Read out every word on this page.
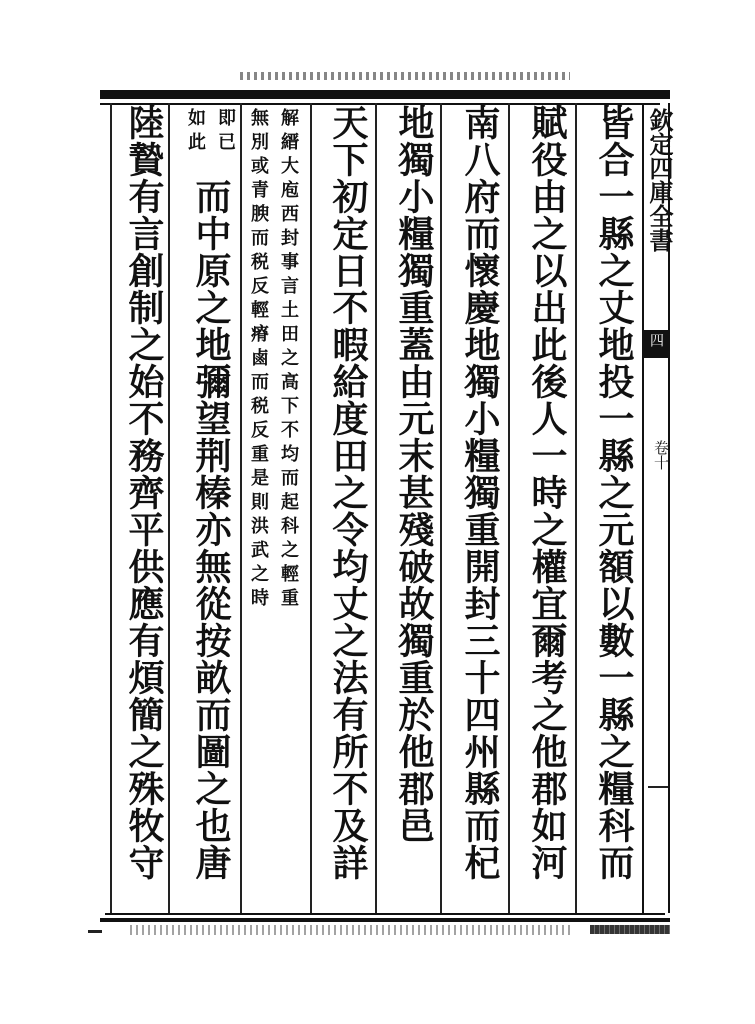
欽定四庫全書
四
卷十
皆合一縣之丈地投一縣之元額以數一縣之糧科而
賦役由之以出此後人一時之權宜爾考之他郡如河
南八府而懷慶地獨小糧獨重開封三十四州縣而杞
地獨小糧獨重蓋由元末甚殘破故獨重於他郡邑
天下初定日不暇給度田之令均丈之法有所不及詳
解縉大庖西封事言土田之高下不均而起科之輕重
無別或青腴而税反輕瘠鹵而税反重是則洪武之時
即已
如此
而中原之地彌望荆榛亦無從按畝而圖之也唐
陸贄有言創制之始不務齊平供應有煩簡之殊牧守
